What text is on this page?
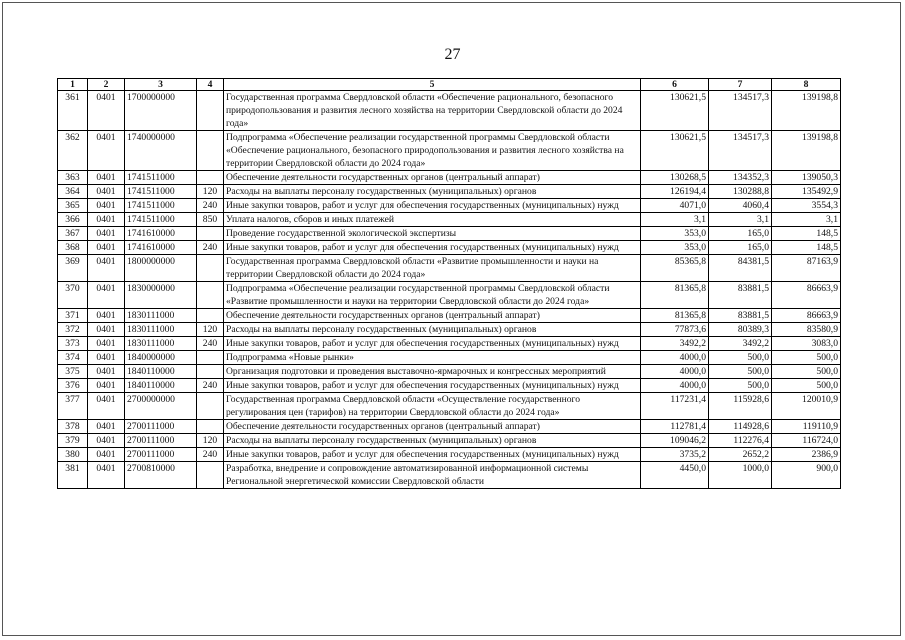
27
1	2	3	4	5	6	7	8
361	0401	1700000000		Государственная программа Свердловской области «Обеспечение рационального, безопасного природопользования и развития лесного хозяйства на территории Свердловской области до 2024 года»	130621,5	134517,3	139198,8
362	0401	1740000000		Подпрограмма «Обеспечение реализации государственной программы Свердловской области «Обеспечение рационального, безопасного природопользования и развития лесного хозяйства на территории Свердловской области до 2024 года»	130621,5	134517,3	139198,8
363	0401	1741511000		Обеспечение деятельности государственных органов (центральный аппарат)	130268,5	134352,3	139050,3
364	0401	1741511000	120	Расходы на выплаты персоналу государственных (муниципальных) органов	126194,4	130288,8	135492,9
365	0401	1741511000	240	Иные закупки товаров, работ и услуг для обеспечения государственных (муниципальных) нужд	4071,0	4060,4	3554,3
366	0401	1741511000	850	Уплата налогов, сборов и иных платежей	3,1	3,1	3,1
367	0401	1741610000		Проведение государственной экологической экспертизы	353,0	165,0	148,5
368	0401	1741610000	240	Иные закупки товаров, работ и услуг для обеспечения государственных (муниципальных) нужд	353,0	165,0	148,5
369	0401	1800000000		Государственная программа Свердловской области «Развитие промышленности и науки на территории Свердловской области до 2024 года»	85365,8	84381,5	87163,9
370	0401	1830000000		Подпрограмма «Обеспечение реализации государственной программы Свердловской области «Развитие промышленности и науки на территории Свердловской области до 2024 года»	81365,8	83881,5	86663,9
371	0401	1830111000		Обеспечение деятельности государственных органов (центральный аппарат)	81365,8	83881,5	86663,9
372	0401	1830111000	120	Расходы на выплаты персоналу государственных (муниципальных) органов	77873,6	80389,3	83580,9
373	0401	1830111000	240	Иные закупки товаров, работ и услуг для обеспечения государственных (муниципальных) нужд	3492,2	3492,2	3083,0
374	0401	1840000000		Подпрограмма «Новые рынки»	4000,0	500,0	500,0
375	0401	1840110000		Организация подготовки и проведения выставочно-ярмарочных и конгрессных мероприятий	4000,0	500,0	500,0
376	0401	1840110000	240	Иные закупки товаров, работ и услуг для обеспечения государственных (муниципальных) нужд	4000,0	500,0	500,0
377	0401	2700000000		Государственная программа Свердловской области «Осуществление государственного регулирования цен (тарифов) на территории Свердловской области до 2024 года»	117231,4	115928,6	120010,9
378	0401	2700111000		Обеспечение деятельности государственных органов (центральный аппарат)	112781,4	114928,6	119110,9
379	0401	2700111000	120	Расходы на выплаты персоналу государственных (муниципальных) органов	109046,2	112276,4	116724,0
380	0401	2700111000	240	Иные закупки товаров, работ и услуг для обеспечения государственных (муниципальных) нужд	3735,2	2652,2	2386,9
381	0401	2700810000		Разработка, внедрение и сопровождение автоматизированной информационной системы Региональной энергетической комиссии Свердловской области	4450,0	1000,0	900,0
